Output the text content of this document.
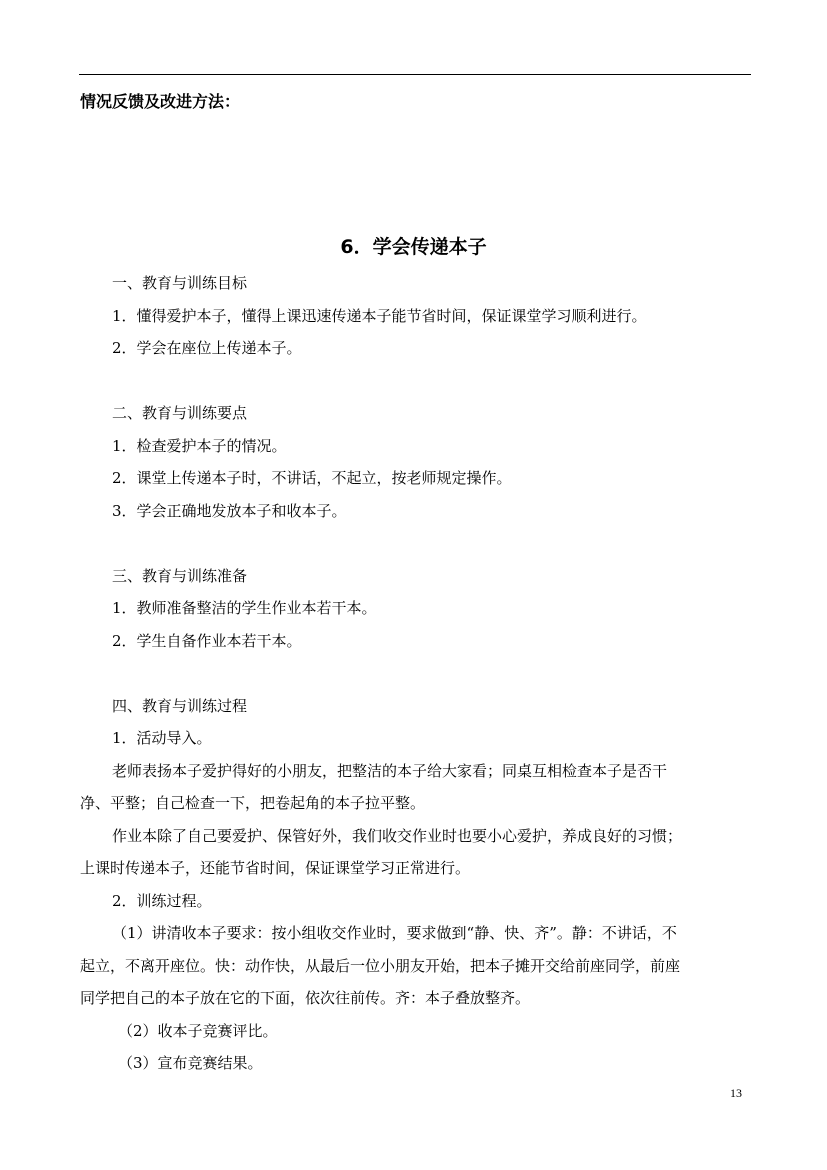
情况反馈及改进方法：
6．学会传递本子
一、教育与训练目标
1．懂得爱护本子，懂得上课迅速传递本子能节省时间，保证课堂学习顺利进行。
2．学会在座位上传递本子。
二、教育与训练要点
1．检查爱护本子的情况。
2．课堂上传递本子时，不讲话，不起立，按老师规定操作。
3．学会正确地发放本子和收本子。
三、教育与训练准备
1．教师准备整洁的学生作业本若干本。
2．学生自备作业本若干本。
四、教育与训练过程
1．活动导入。
老师表扬本子爱护得好的小朋友，把整洁的本子给大家看；同桌互相检查本子是否干
净、平整；自己检查一下，把卷起角的本子拉平整。
作业本除了自己要爱护、保管好外，我们收交作业时也要小心爱护，养成良好的习惯；
上课时传递本子，还能节省时间，保证课堂学习正常进行。
2．训练过程。
（1）讲清收本子要求：按小组收交作业时，要求做到“静、快、齐”。静：不讲话，不
起立，不离开座位。快：动作快，从最后一位小朋友开始，把本子摊开交给前座同学，前座
同学把自己的本子放在它的下面，依次往前传。齐：本子叠放整齐。
（2）收本子竞赛评比。
（3）宣布竞赛结果。
13
